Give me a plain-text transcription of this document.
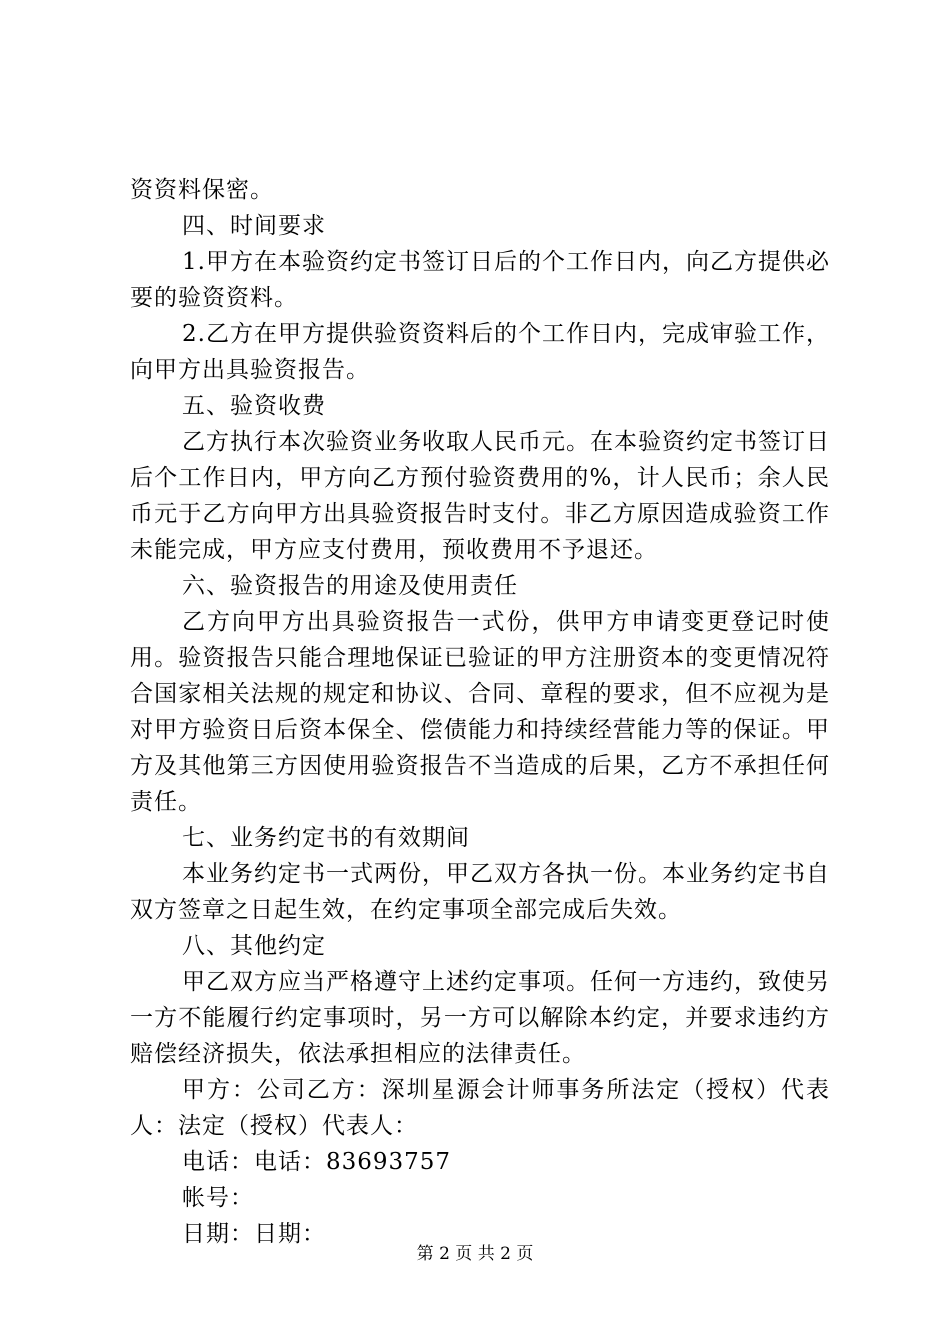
资资料保密。

四、时间要求

1.甲方在本验资约定书签订日后的个工作日内，向乙方提供必要的验资资料。

2.乙方在甲方提供验资资料后的个工作日内，完成审验工作，向甲方出具验资报告。

五、验资收费

乙方执行本次验资业务收取人民币元。在本验资约定书签订日后个工作日内，甲方向乙方预付验资费用的%，计人民币；余人民币元于乙方向甲方出具验资报告时支付。非乙方原因造成验资工作未能完成，甲方应支付费用，预收费用不予退还。

六、验资报告的用途及使用责任

乙方向甲方出具验资报告一式份，供甲方申请变更登记时使用。验资报告只能合理地保证已验证的甲方注册资本的变更情况符合国家相关法规的规定和协议、合同、章程的要求，但不应视为是对甲方验资日后资本保全、偿债能力和持续经营能力等的保证。甲方及其他第三方因使用验资报告不当造成的后果，乙方不承担任何责任。

七、业务约定书的有效期间

本业务约定书一式两份，甲乙双方各执一份。本业务约定书自双方签章之日起生效，在约定事项全部完成后失效。

八、其他约定

甲乙双方应当严格遵守上述约定事项。任何一方违约，致使另一方不能履行约定事项时，另一方可以解除本约定，并要求违约方赔偿经济损失，依法承担相应的法律责任。

甲方：公司乙方：深圳星源会计师事务所法定（授权）代表人：法定（授权）代表人：

电话：电话：83693757

帐号：

日期：日期：

第 2 页 共 2 页
